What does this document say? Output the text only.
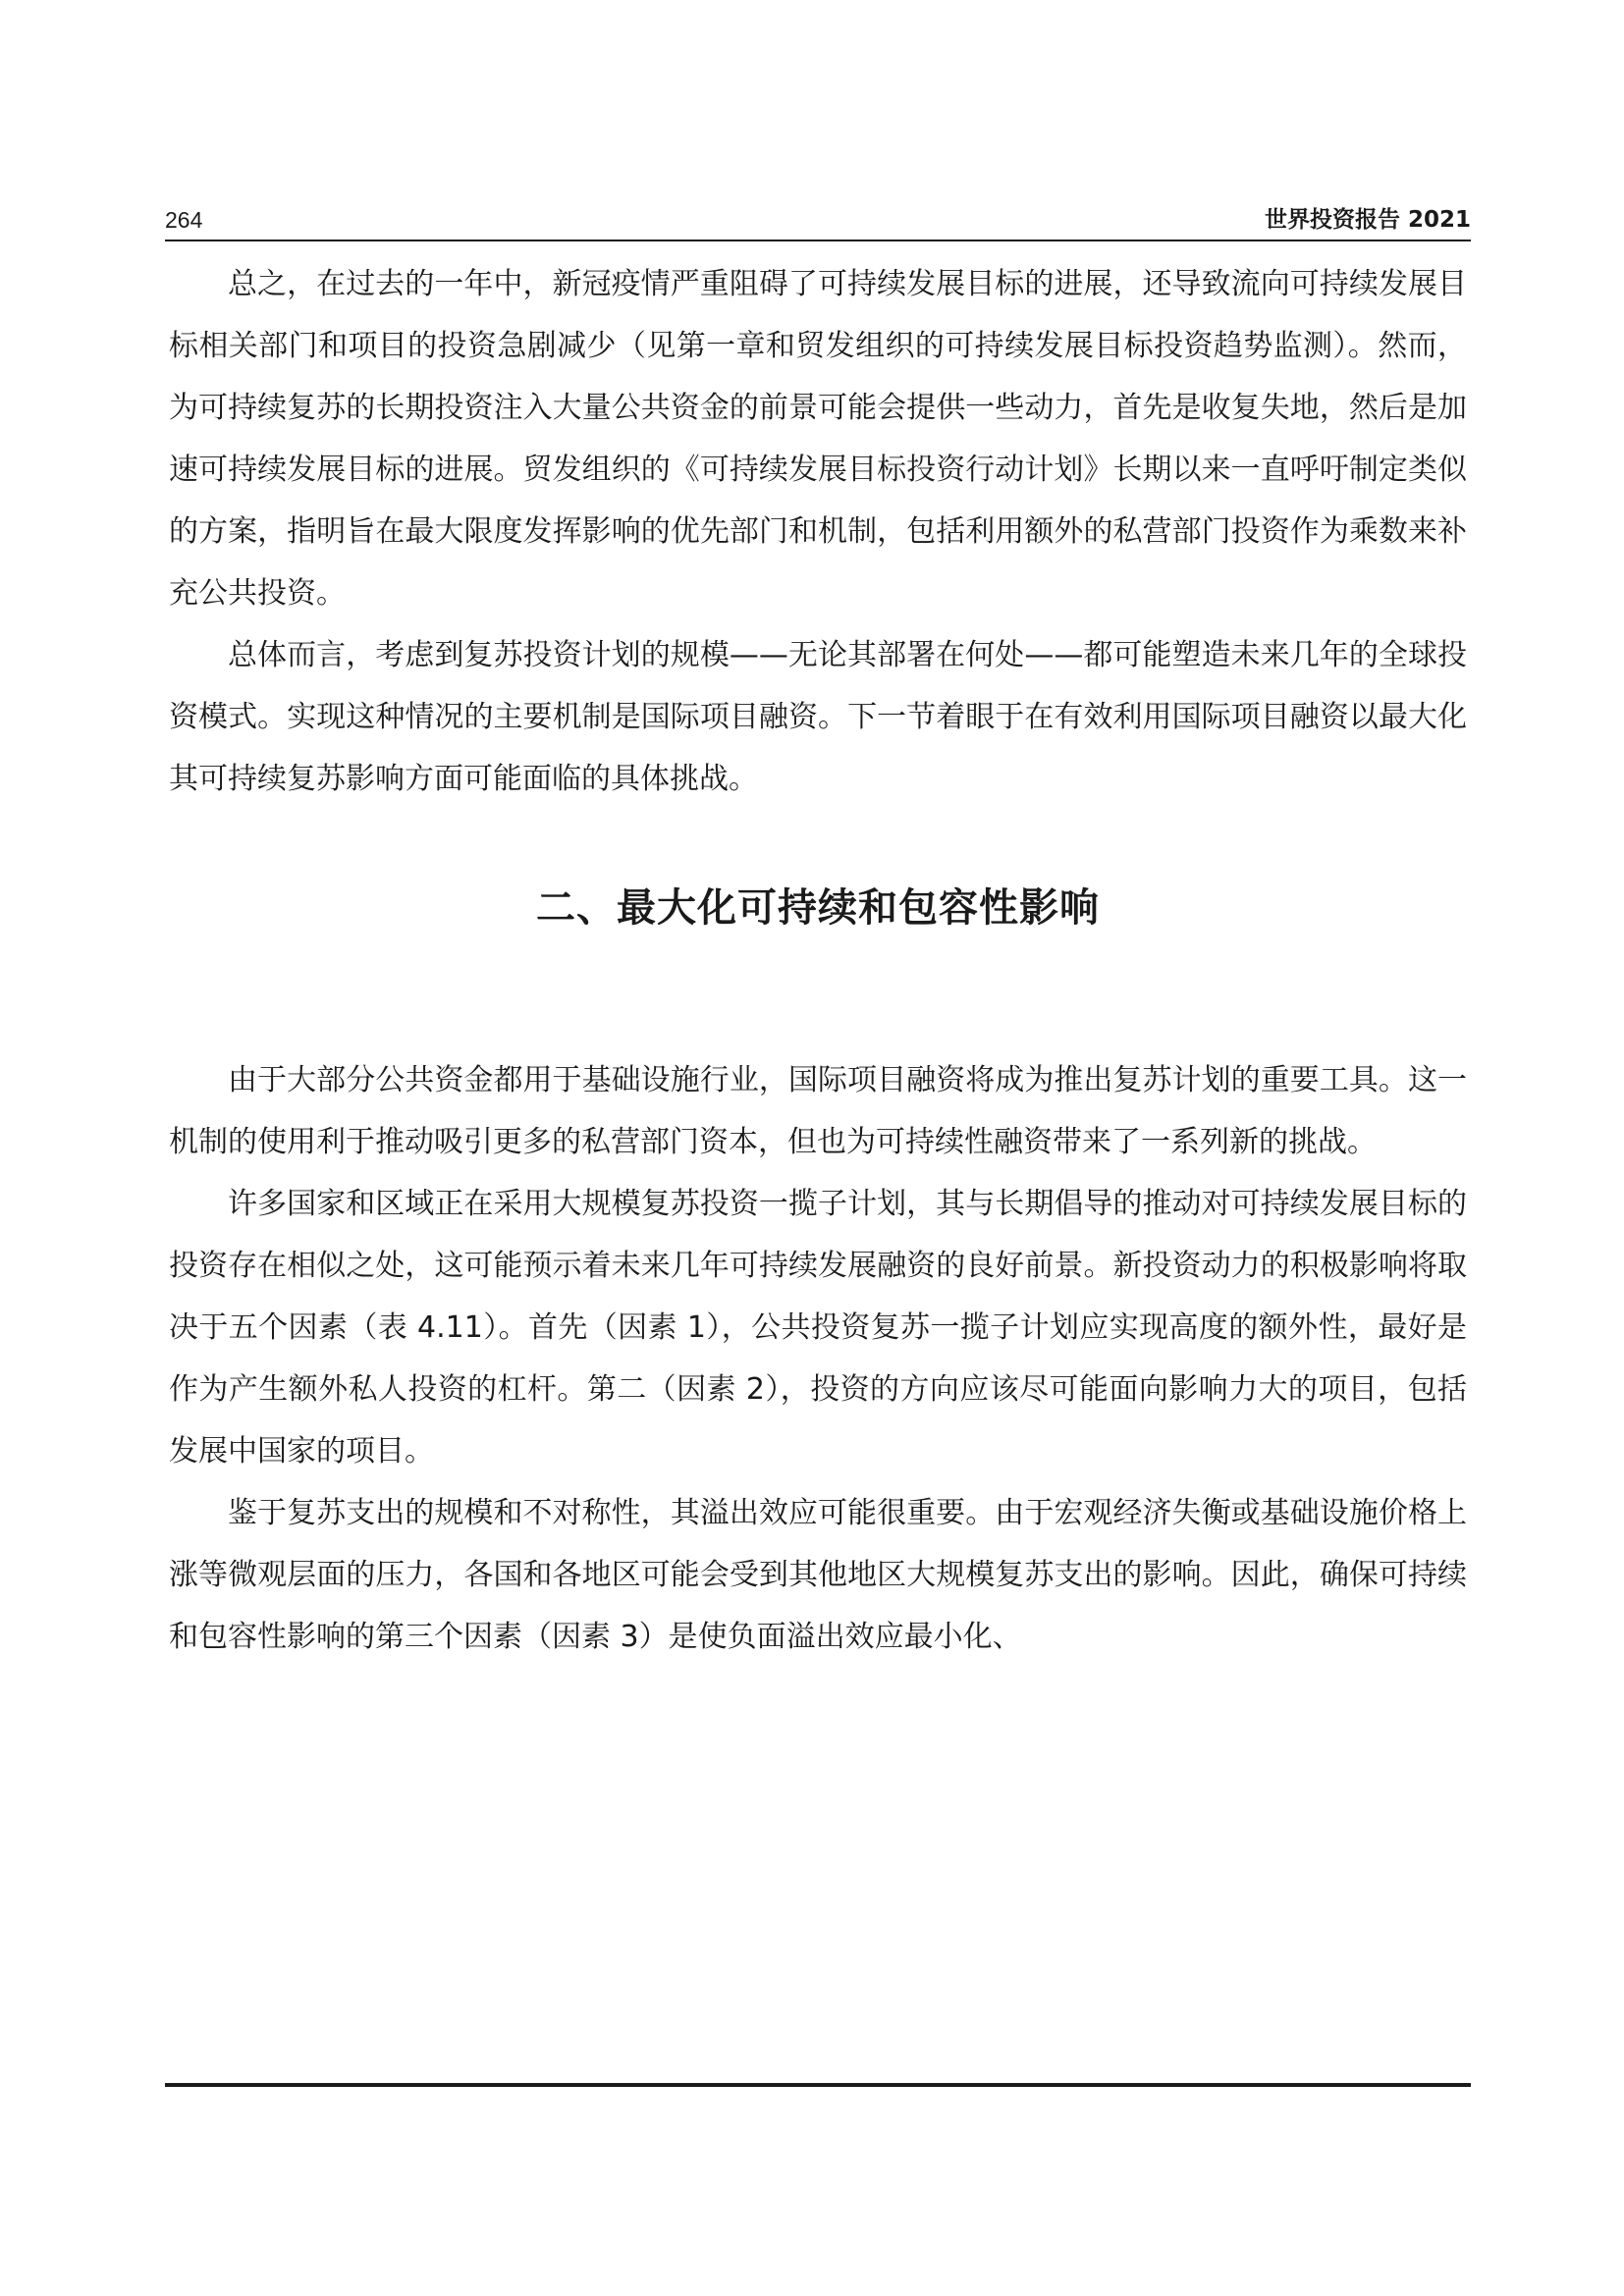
264	世界投资报告 2021

总之，在过去的一年中，新冠疫情严重阻碍了可持续发展目标的进展，还导致流向可持续发展目标相关部门和项目的投资急剧减少（见第一章和贸发组织的可持续发展目标投资趋势监测）。然而，为可持续复苏的长期投资注入大量公共资金的前景可能会提供一些动力，首先是收复失地，然后是加速可持续发展目标的进展。贸发组织的《可持续发展目标投资行动计划》长期以来一直呼吁制定类似的方案，指明旨在最大限度发挥影响的优先部门和机制，包括利用额外的私营部门投资作为乘数来补充公共投资。

总体而言，考虑到复苏投资计划的规模——无论其部署在何处——都可能塑造未来几年的全球投资模式。实现这种情况的主要机制是国际项目融资。下一节着眼于在有效利用国际项目融资以最大化其可持续复苏影响方面可能面临的具体挑战。

二、最大化可持续和包容性影响

由于大部分公共资金都用于基础设施行业，国际项目融资将成为推出复苏计划的重要工具。这一机制的使用利于推动吸引更多的私营部门资本，但也为可持续性融资带来了一系列新的挑战。

许多国家和区域正在采用大规模复苏投资一揽子计划，其与长期倡导的推动对可持续发展目标的投资存在相似之处，这可能预示着未来几年可持续发展融资的良好前景。新投资动力的积极影响将取决于五个因素（表 4.11）。首先（因素 1），公共投资复苏一揽子计划应实现高度的额外性，最好是作为产生额外私人投资的杠杆。第二（因素 2），投资的方向应该尽可能面向影响力大的项目，包括发展中国家的项目。

鉴于复苏支出的规模和不对称性，其溢出效应可能很重要。由于宏观经济失衡或基础设施价格上涨等微观层面的压力，各国和各地区可能会受到其他地区大规模复苏支出的影响。因此，确保可持续和包容性影响的第三个因素（因素 3）是使负面溢出效应最小化、
